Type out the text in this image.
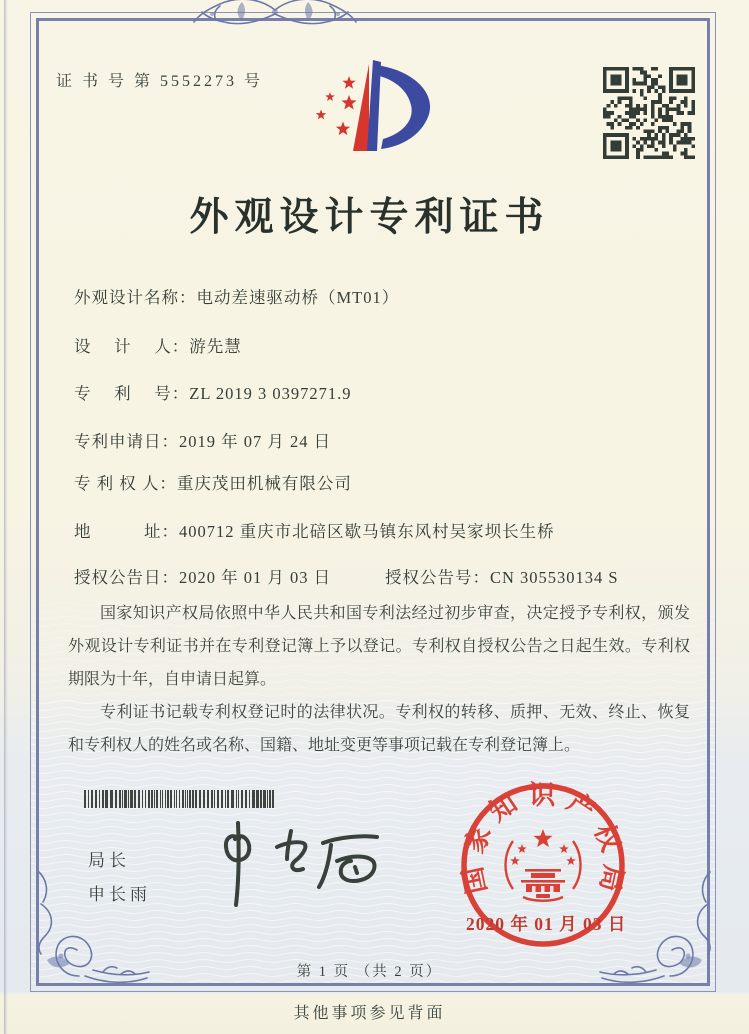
证 书 号 第 5552273 号
外观设计专利证书
外观设计名称：电动差速驱动桥（MT01）
设　 计　 人：游先慧
专　 利　 号：ZL 2019 3 0397271.9
专利申请日：2019 年 07 月 24 日
专 利 权 人：重庆茂田机械有限公司
地　　　址：400712 重庆市北碚区歇马镇东风村吴家坝长生桥
授权公告日：2020 年 01 月 03 日	授权公告号：CN 305530134 S

国家知识产权局依照中华人民共和国专利法经过初步审查，决定授予专利权，颁发外观设计专利证书并在专利登记簿上予以登记。专利权自授权公告之日起生效。专利权期限为十年，自申请日起算。

专利证书记载专利权登记时的法律状况。专利权的转移、质押、无效、终止、恢复和专利权人的姓名或名称、国籍、地址变更等事项记载在专利登记簿上。

局长
申长雨	国家知识产权局
2020 年 01 月 03 日
第 1 页 （共 2 页）
其他事项参见背面
